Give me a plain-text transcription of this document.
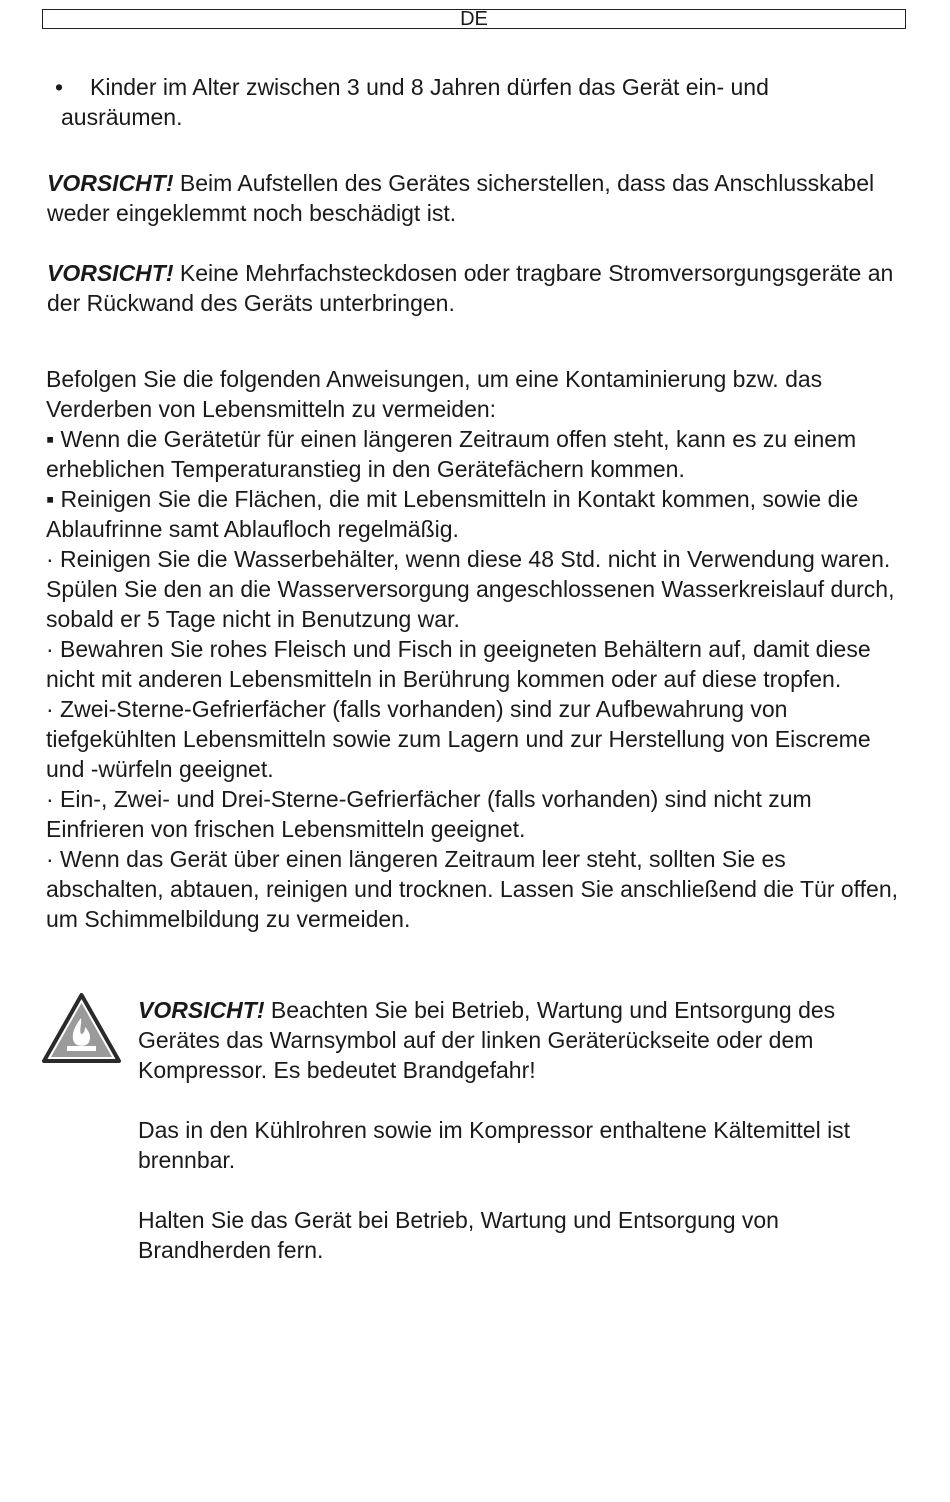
DE

•	Kinder im Alter zwischen 3 und 8 Jahren dürfen das Gerät ein- und ausräumen.

VORSICHT! Beim Aufstellen des Gerätes sicherstellen, dass das Anschlusskabel weder eingeklemmt noch beschädigt ist.

VORSICHT! Keine Mehrfachsteckdosen oder tragbare Stromversorgungsgeräte an der Rückwand des Geräts unterbringen.

Befolgen Sie die folgenden Anweisungen, um eine Kontaminierung bzw. das Verderben von Lebensmitteln zu vermeiden:

▪ Wenn die Gerätetür für einen längeren Zeitraum offen steht, kann es zu einem erheblichen Temperaturanstieg in den Gerätefächern kommen.
▪ Reinigen Sie die Flächen, die mit Lebensmitteln in Kontakt kommen, sowie die Ablaufrinne samt Ablaufloch regelmäßig.
· Reinigen Sie die Wasserbehälter, wenn diese 48 Std. nicht in Verwendung waren. Spülen Sie den an die Wasserversorgung angeschlossenen Wasserkreislauf durch, sobald er 5 Tage nicht in Benutzung war.
· Bewahren Sie rohes Fleisch und Fisch in geeigneten Behältern auf, damit diese nicht mit anderen Lebensmitteln in Berührung kommen oder auf diese tropfen.
· Zwei-Sterne-Gefrierfächer (falls vorhanden) sind zur Aufbewahrung von tiefgekühlten Lebensmitteln sowie zum Lagern und zur Herstellung von Eiscreme und -würfeln geeignet.
· Ein-, Zwei- und Drei-Sterne-Gefrierfächer (falls vorhanden) sind nicht zum Einfrieren von frischen Lebensmitteln geeignet.
· Wenn das Gerät über einen längeren Zeitraum leer steht, sollten Sie es abschalten, abtauen, reinigen und trocknen. Lassen Sie anschließend die Tür offen, um Schimmelbildung zu vermeiden.

VORSICHT! Beachten Sie bei Betrieb, Wartung und Entsorgung des Gerätes das Warnsymbol auf der linken Geräterückseite oder dem Kompressor. Es bedeutet Brandgefahr!

Das in den Kühlrohren sowie im Kompressor enthaltene Kältemittel ist brennbar.

Halten Sie das Gerät bei Betrieb, Wartung und Entsorgung von Brandherden fern.
